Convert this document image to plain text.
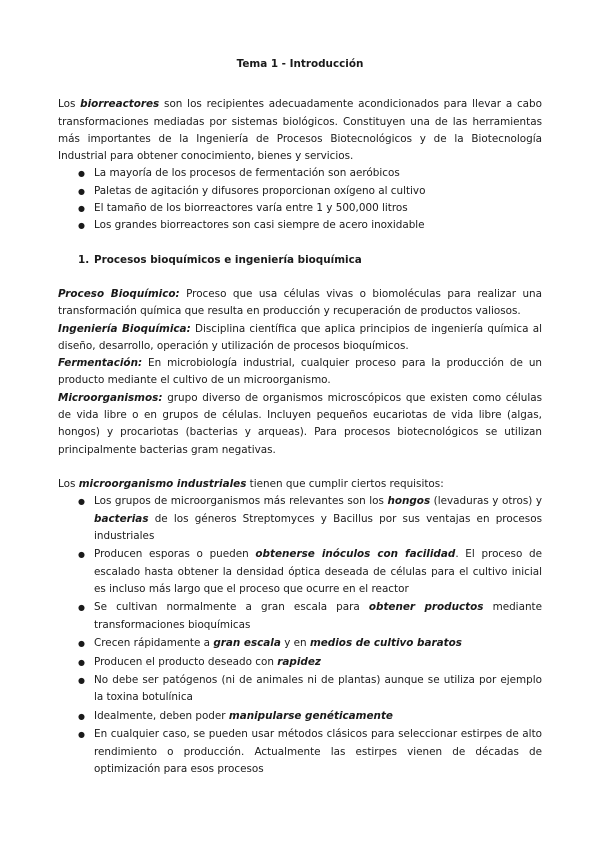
Tema 1 - Introducción

Los biorreactores son los recipientes adecuadamente acondicionados para llevar a cabo transformaciones mediadas por sistemas biológicos. Constituyen una de las herramientas más importantes de la Ingeniería de Procesos Biotecnológicos y de la Biotecnología Industrial para obtener conocimiento, bienes y servicios.

● La mayoría de los procesos de fermentación son aeróbicos
● Paletas de agitación y difusores proporcionan oxígeno al cultivo
● El tamaño de los biorreactores varía entre 1 y 500,000 litros
● Los grandes biorreactores son casi siempre de acero inoxidable
1. Procesos bioquímicos e ingeniería bioquímica

Proceso Bioquímico: Proceso que usa células vivas o biomoléculas para realizar una transformación química que resulta en producción y recuperación de productos valiosos.

Ingeniería Bioquímica: Disciplina científica que aplica principios de ingeniería química al diseño, desarrollo, operación y utilización de procesos bioquímicos.

Fermentación: En microbiología industrial, cualquier proceso para la producción de un producto mediante el cultivo de un microorganismo.

Microorganismos: grupo diverso de organismos microscópicos que existen como células de vida libre o en grupos de células. Incluyen pequeños eucariotas de vida libre (algas, hongos) y procariotas (bacterias y arqueas). Para procesos biotecnológicos se utilizan principalmente bacterias gram negativas.

Los microorganismo industriales tienen que cumplir ciertos requisitos:

● Los grupos de microorganismos más relevantes son los hongos (levaduras y otros) y bacterias de los géneros Streptomyces y Bacillus por sus ventajas en procesos industriales
● Producen esporas o pueden obtenerse inóculos con facilidad. El proceso de escalado hasta obtener la densidad óptica deseada de células para el cultivo inicial es incluso más largo que el proceso que ocurre en el reactor
● Se cultivan normalmente a gran escala para obtener productos mediante transformaciones bioquímicas
● Crecen rápidamente a gran escala y en medios de cultivo baratos
● Producen el producto deseado con rapidez
● No debe ser patógenos (ni de animales ni de plantas) aunque se utiliza por ejemplo la toxina botulínica
● Idealmente, deben poder manipularse genéticamente
● En cualquier caso, se pueden usar métodos clásicos para seleccionar estirpes de alto rendimiento o producción. Actualmente las estirpes vienen de décadas de optimización para esos procesos
